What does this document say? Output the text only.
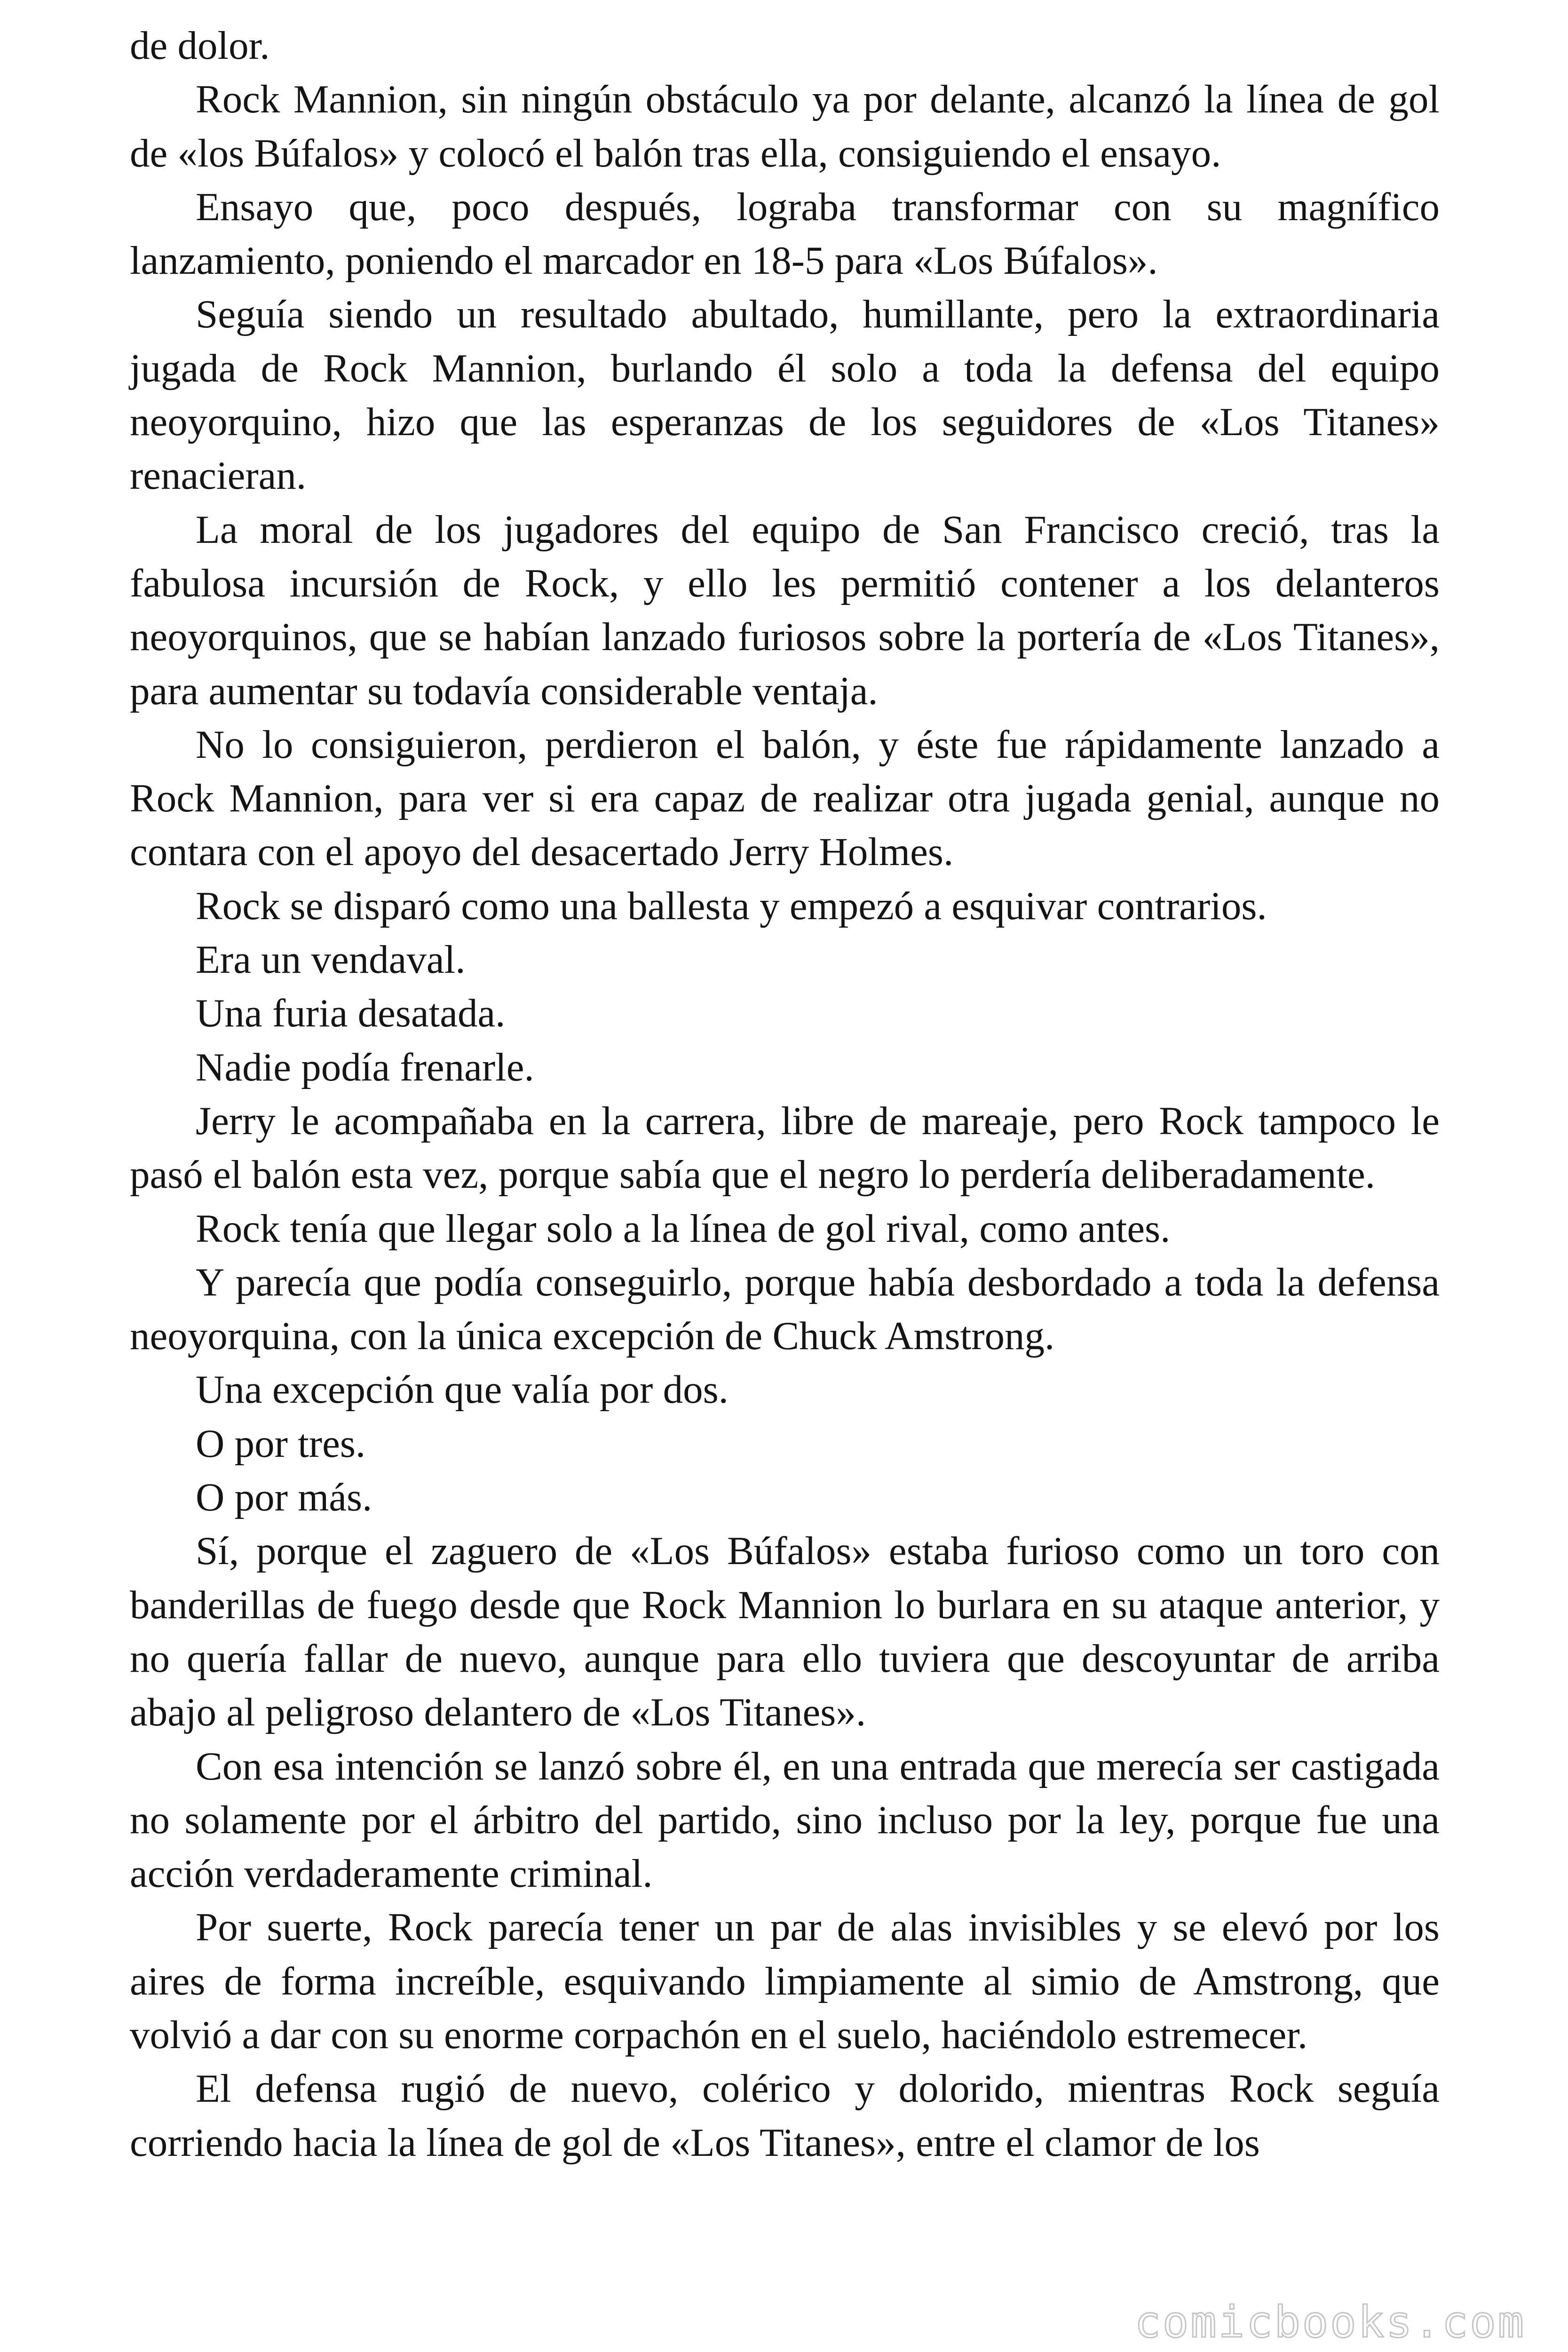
de dolor.

Rock Mannion, sin ningún obstáculo ya por delante, alcanzó la línea de gol de «los Búfalos» y colocó el balón tras ella, consiguiendo el ensayo.

Ensayo que, poco después, lograba transformar con su magnífico lanzamiento, poniendo el marcador en 18-5 para «Los Búfalos».

Seguía siendo un resultado abultado, humillante, pero la extraordinaria jugada de Rock Mannion, burlando él solo a toda la defensa del equipo neoyorquino, hizo que las esperanzas de los seguidores de «Los Titanes» renacieran.

La moral de los jugadores del equipo de San Francisco creció, tras la fabulosa incursión de Rock, y ello les permitió contener a los delanteros neoyorquinos, que se habían lanzado furiosos sobre la portería de «Los Titanes», para aumentar su todavía considerable ventaja.

No lo consiguieron, perdieron el balón, y éste fue rápidamente lanzado a Rock Mannion, para ver si era capaz de realizar otra jugada genial, aunque no contara con el apoyo del desacertado Jerry Holmes.

Rock se disparó como una ballesta y empezó a esquivar contrarios.

Era un vendaval.

Una furia desatada.

Nadie podía frenarle.

Jerry le acompañaba en la carrera, libre de mareaje, pero Rock tampoco le pasó el balón esta vez, porque sabía que el negro lo perdería deliberadamente.

Rock tenía que llegar solo a la línea de gol rival, como antes.

Y parecía que podía conseguirlo, porque había desbordado a toda la defensa neoyorquina, con la única excepción de Chuck Amstrong.

Una excepción que valía por dos.

O por tres.

O por más.

Sí, porque el zaguero de «Los Búfalos» estaba furioso como un toro con banderillas de fuego desde que Rock Mannion lo burlara en su ataque anterior, y no quería fallar de nuevo, aunque para ello tuviera que descoyuntar de arriba abajo al peligroso delantero de «Los Titanes».

Con esa intención se lanzó sobre él, en una entrada que merecía ser castigada no solamente por el árbitro del partido, sino incluso por la ley, porque fue una acción verdaderamente criminal.

Por suerte, Rock parecía tener un par de alas invisibles y se elevó por los aires de forma increíble, esquivando limpiamente al simio de Amstrong, que volvió a dar con su enorme corpachón en el suelo, haciéndolo estremecer.

El defensa rugió de nuevo, colérico y dolorido, mientras Rock seguía corriendo hacia la línea de gol de «Los Titanes», entre el clamor de los

comicbooks.com
